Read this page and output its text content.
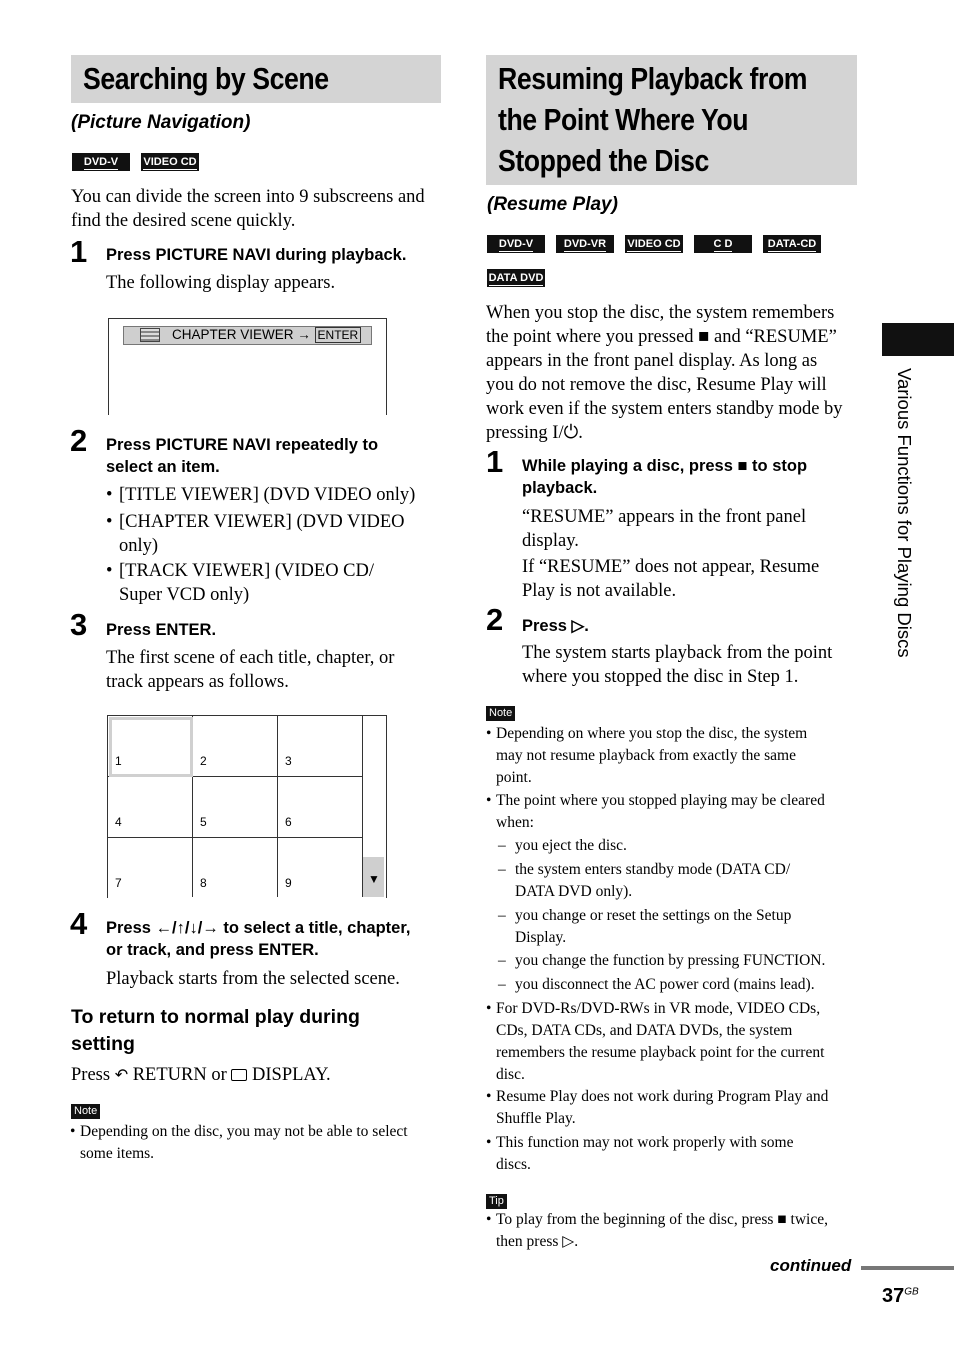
Searching by Scene
(Picture Navigation)
DVD-V	VIDEO CD
You can divide the screen into 9 subscreens and find the desired scene quickly.
1 Press PICTURE NAVI during playback.
The following display appears.
CHAPTER VIEWER → ENTER
2 Press PICTURE NAVI repeatedly to
select an item.
• [TITLE VIEWER] (DVD VIDEO only)
• [CHAPTER VIEWER] (DVD VIDEO
only)
• [TRACK VIEWER] (VIDEO CD/
Super VCD only)
3 Press ENTER.
The first scene of each title, chapter, or
track appears as follows.
1	2	3
4	5	6
7	8	9	▼
4 Press ←/↑/↓/→ to select a title, chapter,
or track, and press ENTER.
Playback starts from the selected scene.
To return to normal play during
setting
Press ↶ RETURN or DISPLAY.
Note
• Depending on the disc, you may not be able to select
some items.
Resuming Playback from
the Point Where You
Stopped the Disc
(Resume Play)
DVD-V	DVD-VR	VIDEO CD	C D	DATA-CD
DATA DVD
When you stop the disc, the system remembers
the point where you pressed ■ and “RESUME”
appears in the front panel display. As long as
you do not remove the disc, Resume Play will
work even if the system enters standby mode by
pressing I/⏻.
1 While playing a disc, press ■ to stop
playback.
“RESUME” appears in the front panel
display.
If “RESUME” does not appear, Resume
Play is not available.
2 Press ▷.
The system starts playback from the point
where you stopped the disc in Step 1.
Note
• Depending on where you stop the disc, the system
may not resume playback from exactly the same
point.
• The point where you stopped playing may be cleared
when:
– you eject the disc.
– the system enters standby mode (DATA CD/
DATA DVD only).
– you change or reset the settings on the Setup
Display.
– you change the function by pressing FUNCTION.
– you disconnect the AC power cord (mains lead).
• For DVD-Rs/DVD-RWs in VR mode, VIDEO CDs,
CDs, DATA CDs, and DATA DVDs, the system
remembers the resume playback point for the current
disc.
• Resume Play does not work during Program Play and
Shuffle Play.
• This function may not work properly with some
discs.
Tip
• To play from the beginning of the disc, press ■ twice,
then press ▷.
Various Functions for Playing Discs
continued
$37^{GB}$
